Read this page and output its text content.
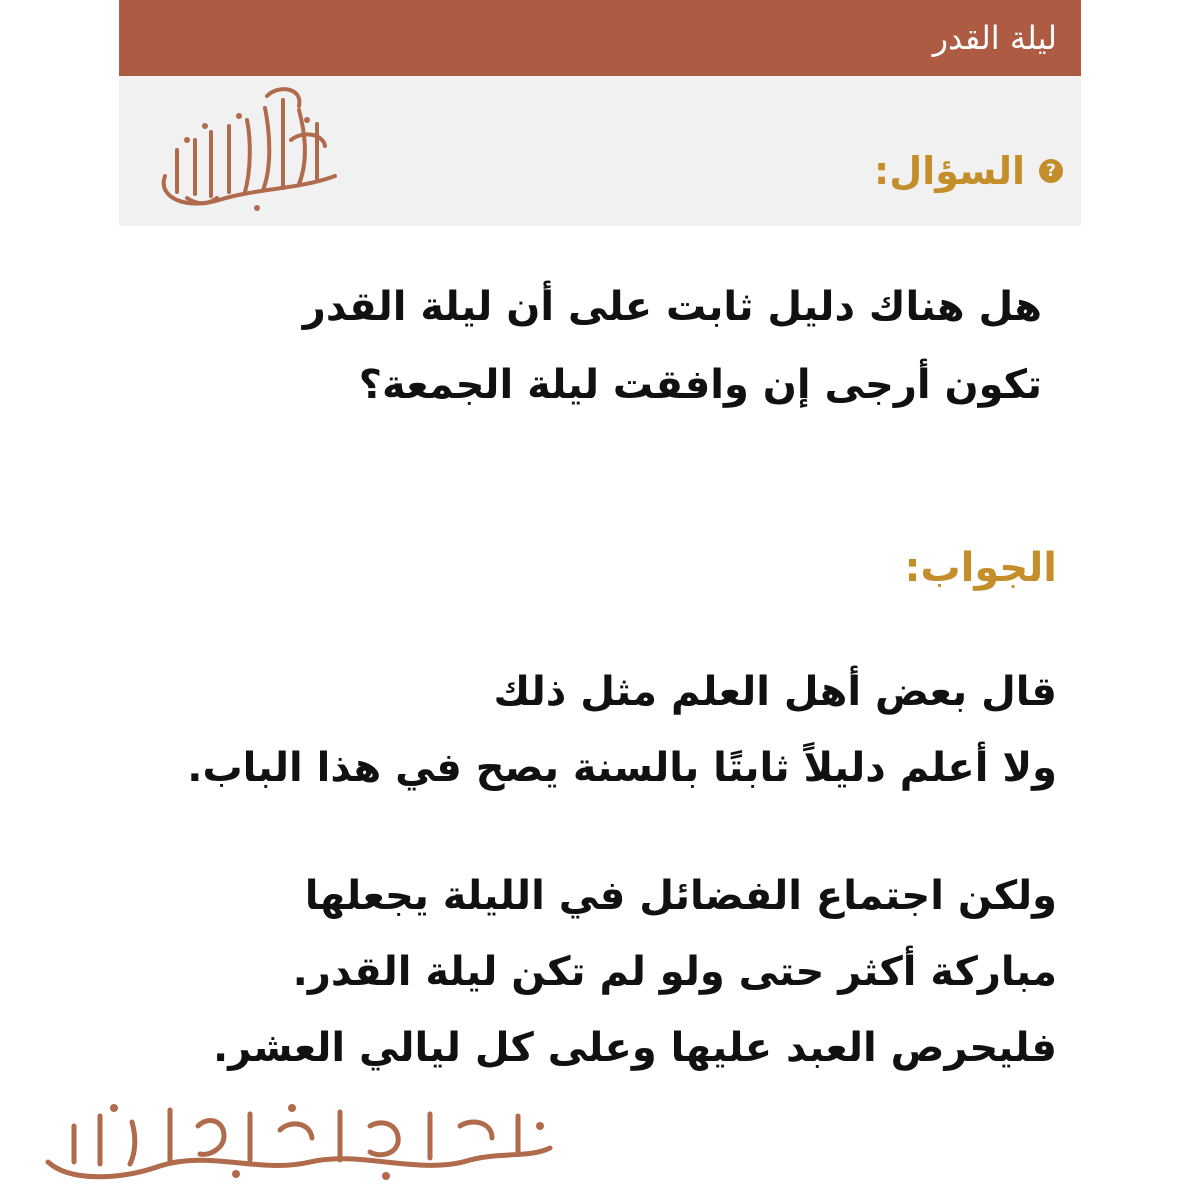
ليلة القدر
?
السؤال:
هل هناك دليل ثابت على أن ليلة القدر
تكون أرجى إن وافقت ليلة الجمعة؟
الجواب:
قال بعض أهل العلم مثل ذلك
ولا أعلم دليلاً ثابتًا بالسنة يصح في هذا الباب.
ولكن اجتماع الفضائل في الليلة يجعلها
مباركة أكثر حتى ولو لم تكن ليلة القدر.
فليحرص العبد عليها وعلى كل ليالي العشر.
